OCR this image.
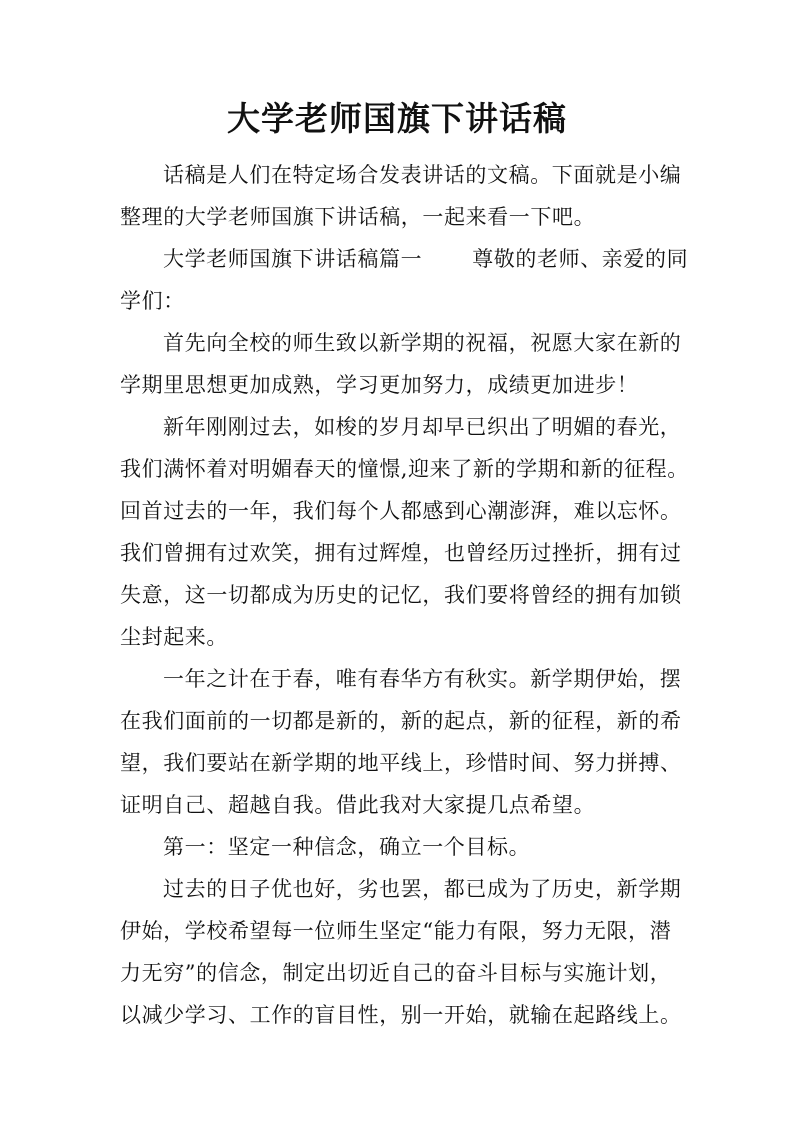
大学老师国旗下讲话稿
话稿是人们在特定场合发表讲话的文稿。下面就是小编
整理的大学老师国旗下讲话稿，一起来看一下吧。
大学老师国旗下讲话稿篇一 尊敬的老师、亲爱的同
学们：
首先向全校的师生致以新学期的祝福，祝愿大家在新的
学期里思想更加成熟，学习更加努力，成绩更加进步！
新年刚刚过去，如梭的岁月却早已织出了明媚的春光，
我们满怀着对明媚春天的憧憬,迎来了新的学期和新的征程。
回首过去的一年，我们每个人都感到心潮澎湃，难以忘怀。
我们曾拥有过欢笑，拥有过辉煌，也曾经历过挫折，拥有过
失意，这一切都成为历史的记忆，我们要将曾经的拥有加锁
尘封起来。
一年之计在于春，唯有春华方有秋实。新学期伊始，摆
在我们面前的一切都是新的，新的起点，新的征程，新的希
望，我们要站在新学期的地平线上，珍惜时间、努力拼搏、
证明自己、超越自我。借此我对大家提几点希望。
第一：坚定一种信念，确立一个目标。
过去的日子优也好，劣也罢，都已成为了历史，新学期
伊始，学校希望每一位师生坚定“能力有限，努力无限，潜
力无穷”的信念，制定出切近自己的奋斗目标与实施计划，
以减少学习、工作的盲目性，别一开始，就输在起路线上。
